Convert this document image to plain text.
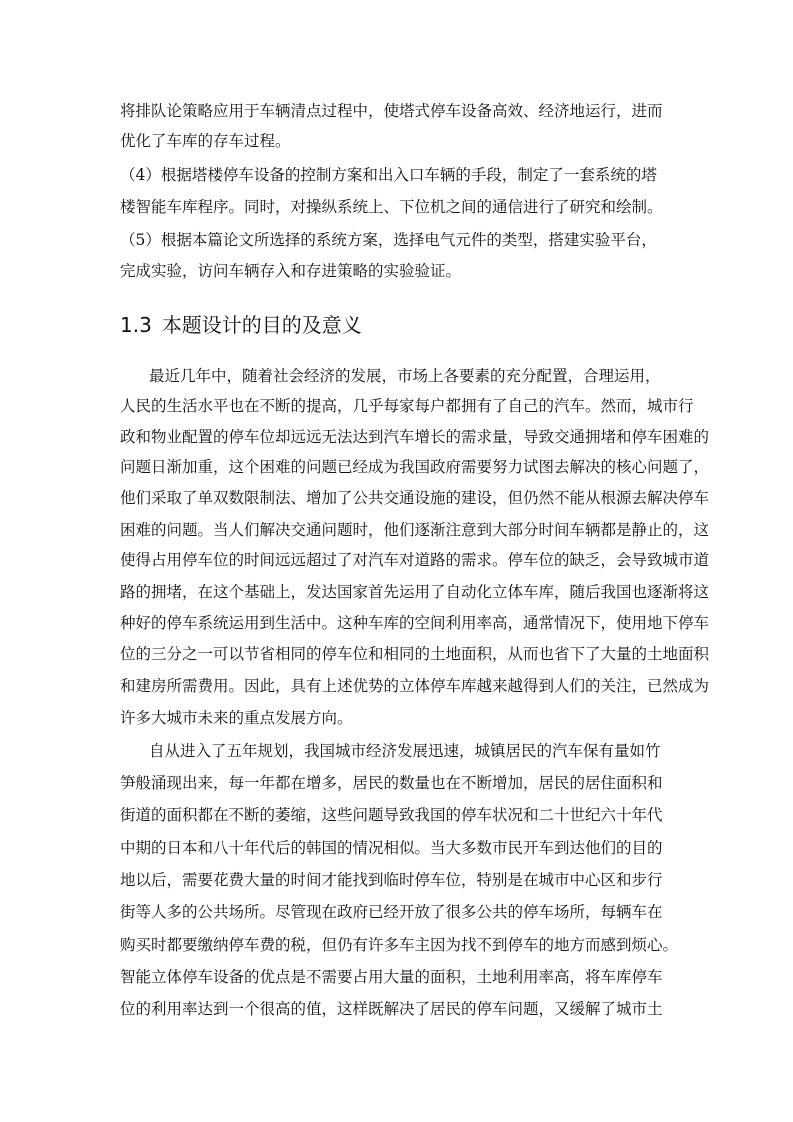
将排队论策略应用于车辆清点过程中，使塔式停车设备高效、经济地运行，进而
优化了车库的存车过程。
（4）根据塔楼停车设备的控制方案和出入口车辆的手段，制定了一套系统的塔
楼智能车库程序。同时，对操纵系统上、下位机之间的通信进行了研究和绘制。
（5）根据本篇论文所选择的系统方案，选择电气元件的类型，搭建实验平台，
完成实验，访问车辆存入和存进策略的实验验证。
1.3 本题设计的目的及意义
最近几年中，随着社会经济的发展，市场上各要素的充分配置，合理运用，
人民的生活水平也在不断的提高，几乎每家每户都拥有了自己的汽车。然而，城市行
政和物业配置的停车位却远远无法达到汽车增长的需求量，导致交通拥堵和停车困难的
问题日渐加重，这个困难的问题已经成为我国政府需要努力试图去解决的核心问题了，
他们采取了单双数限制法、增加了公共交通设施的建设，但仍然不能从根源去解决停车
困难的问题。当人们解决交通问题时，他们逐渐注意到大部分时间车辆都是静止的，这
使得占用停车位的时间远远超过了对汽车对道路的需求。停车位的缺乏，会导致城市道
路的拥堵，在这个基础上，发达国家首先运用了自动化立体车库，随后我国也逐渐将这
种好的停车系统运用到生活中。这种车库的空间利用率高，通常情况下，使用地下停车
位的三分之一可以节省相同的停车位和相同的土地面积，从而也省下了大量的土地面积
和建房所需费用。因此，具有上述优势的立体停车库越来越得到人们的关注，已然成为
许多大城市未来的重点发展方向。
自从进入了五年规划，我国城市经济发展迅速，城镇居民的汽车保有量如竹
笋般涌现出来，每一年都在增多，居民的数量也在不断增加，居民的居住面积和
街道的面积都在不断的萎缩，这些问题导致我国的停车状况和二十世纪六十年代
中期的日本和八十年代后的韩国的情况相似。当大多数市民开车到达他们的目的
地以后，需要花费大量的时间才能找到临时停车位，特别是在城市中心区和步行
街等人多的公共场所。尽管现在政府已经开放了很多公共的停车场所，每辆车在
购买时都要缴纳停车费的税，但仍有许多车主因为找不到停车的地方而感到烦心。
智能立体停车设备的优点是不需要占用大量的面积，土地利用率高，将车库停车
位的利用率达到一个很高的值，这样既解决了居民的停车问题，又缓解了城市土
